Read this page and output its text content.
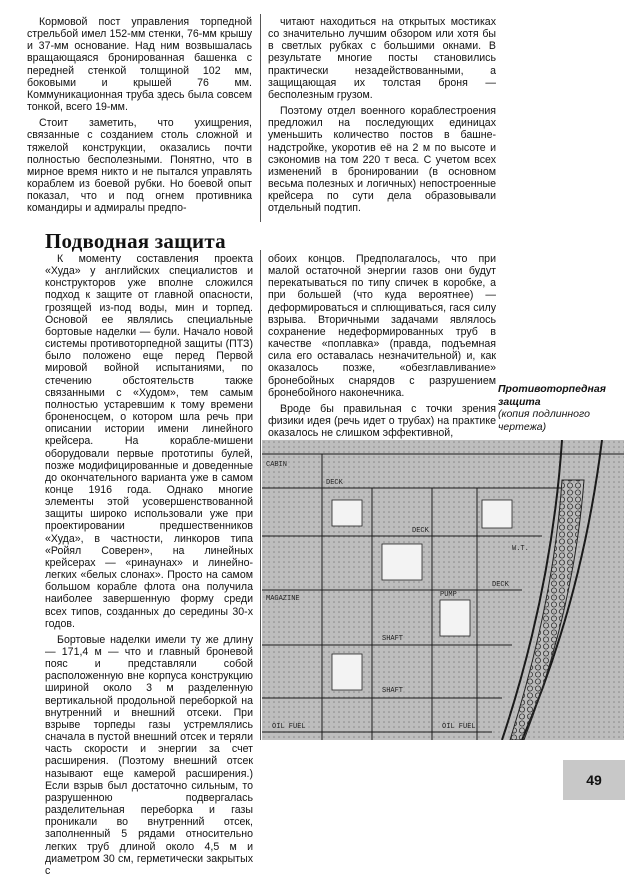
Кормовой пост управления торпедной стрельбой имел 152-мм стенки, 76-мм крышу и 37-мм основание. Над ним возвышалась вращающаяся бронированная башенка с передней стенкой толщиной 102 мм, боковыми и крышей 76 мм. Коммуникационная труба здесь была совсем тонкой, всего 19-мм.

Стоит заметить, что ухищрения, связанные с созданием столь сложной и тяжелой конструкции, оказались почти полностью бесполезными. Понятно, что в мирное время никто и не пытался управлять кораблем из боевой рубки. Но боевой опыт показал, что и под огнем противника командиры и адмиралы предпо-

читают находиться на открытых мостиках со значительно лучшим обзором или хотя бы в светлых рубках с большими окнами. В результате многие посты становились практически незадействованными, а защищающая их толстая броня — бесполезным грузом.

Поэтому отдел военного кораблестроения предложил на последующих единицах уменьшить количество постов в башне-надстройке, укоротив её на 2 м по высоте и сэкономив на том 220 т веса. С учетом всех изменений в бронировании (в основном весьма полезных и логичных) непостроенные крейсера по сути дела образовывали отдельный подтип.

Подводная защита

К моменту составления проекта «Худа» у английских специалистов и конструкторов уже вполне сложился подход к защите от главной опасности, грозящей из-под воды, мин и торпед. Основой ее являлись специальные бортовые наделки — були. Начало новой системы противоторпедной защиты (ПТЗ) было положено еще перед Первой мировой войной испытаниями, по стечению обстоятельств также связанными с «Худом», тем самым полностью устаревшим к тому времени броненосцем, о котором шла речь при описании истории имени линейного крейсера. На корабле-мишени оборудовали первые прототипы булей, позже модифицированные и доведенные до окончательного варианта уже в самом конце 1916 года. Однако многие элементы этой усовершенствованной защиты широко использовали уже при проектировании предшественников «Худа», в частности, линкоров типа «Ройял Соверен», на линейных крейсерах — «ринаунах» и линейно-легких «белых слонах». Просто на самом большом корабле флота она получила наиболее завершенную форму среди всех типов, созданных до середины 30-х годов.

Бортовые наделки имели ту же длину — 171,4 м — что и главный броневой пояс и представляли собой расположенную вне корпуса конструкцию шириной около 3 м разделенную вертикальной продольной переборкой на внутренний и внешний отсеки. При взрыве торпеды газы устремлялись сначала в пустой внешний отсек и теряли часть скорости и энергии за счет расширения. (Поэтому внешний отсек называют еще камерой расширения.) Если взрыв был достаточно сильным, то разрушенною подвергалась разделительная переборка и газы проникали во внутренний отсек, заполненный 5 рядами относительно легких труб длиной около 4,5 м и диаметром 30 см, герметически закрытых с

обоих концов. Предполагалось, что при малой остаточной энергии газов они будут перекатываться по типу спичек в коробке, а при большей (что куда вероятнее) — деформироваться и сплющиваться, гася силу взрыва. Вторичными задачами являлось сохранение недеформированных труб в качестве «поплавка» (правда, подъемная сила его оставалась незначительной) и, как оказалось позже, «обезглавливание» бронебойных снарядов с разрушением бронебойного наконечника.

Вроде бы правильная с точки зрения физики идея (речь идет о трубах) на практике оказалось не слишком эффективной,

Противоторпедная защита
(копия подлинного чертежа)
DECK
DECK
DECK
SHAFT
SHAFT
OIL FUEL	OIL FUEL
PUMP
W.T.
MAGAZINE
CABIN
49
